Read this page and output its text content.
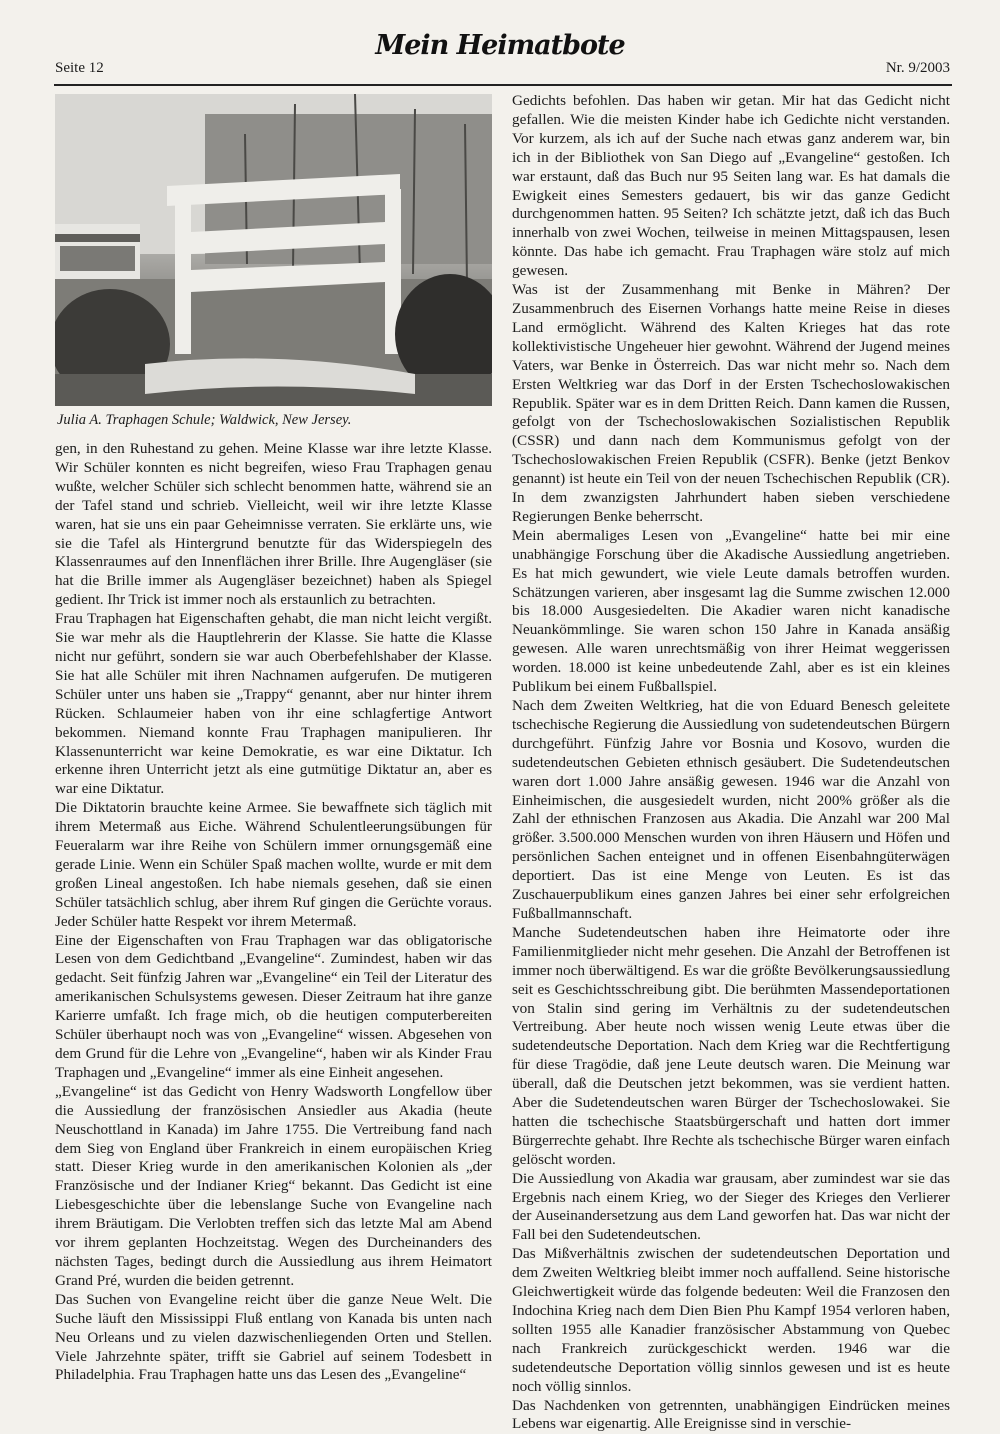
Seite 12
Mein Heimatbote
Nr. 9/2003
Julia A. Traphagen Schule; Waldwick, New Jersey.

gen, in den Ruhestand zu gehen. Meine Klasse war ihre letzte Klasse. Wir Schüler konnten es nicht begreifen, wieso Frau Traphagen genau wußte, welcher Schüler sich schlecht benommen hatte, während sie an der Tafel stand und schrieb. Vielleicht, weil wir ihre letzte Klasse waren, hat sie uns ein paar Geheimnisse verraten. Sie erklärte uns, wie sie die Tafel als Hintergrund benutzte für das Widerspiegeln des Klassenraumes auf den Innenflächen ihrer Brille. Ihre Augengläser (sie hat die Brille immer als Augengläser bezeichnet) haben als Spiegel gedient. Ihr Trick ist immer noch als erstaunlich zu betrachten.

Frau Traphagen hat Eigenschaften gehabt, die man nicht leicht vergißt. Sie war mehr als die Hauptlehrerin der Klasse. Sie hatte die Klasse nicht nur geführt, sondern sie war auch Oberbefehlshaber der Klasse. Sie hat alle Schüler mit ihren Nachnamen aufgerufen. De mutigeren Schüler unter uns haben sie „Trappy“ genannt, aber nur hinter ihrem Rücken. Schlaumeier haben von ihr eine schlagfertige Antwort bekommen. Niemand konnte Frau Traphagen manipulieren. Ihr Klassenunterricht war keine Demokratie, es war eine Diktatur. Ich erkenne ihren Unterricht jetzt als eine gutmütige Diktatur an, aber es war eine Diktatur.

Die Diktatorin brauchte keine Armee. Sie bewaffnete sich täglich mit ihrem Metermaß aus Eiche. Während Schulentleerungsübungen für Feueralarm war ihre Reihe von Schülern immer ornungsgemäß eine gerade Linie. Wenn ein Schüler Spaß machen wollte, wurde er mit dem großen Lineal angestoßen. Ich habe niemals gesehen, daß sie einen Schüler tatsächlich schlug, aber ihrem Ruf gingen die Gerüchte voraus. Jeder Schüler hatte Respekt vor ihrem Metermaß.

Eine der Eigenschaften von Frau Traphagen war das obligatorische Lesen von dem Gedichtband „Evangeline“. Zumindest, haben wir das gedacht. Seit fünfzig Jahren war „Evangeline“ ein Teil der Literatur des amerikanischen Schulsystems gewesen. Dieser Zeitraum hat ihre ganze Karierre umfaßt. Ich frage mich, ob die heutigen computerbereiten Schüler überhaupt noch was von „Evangeline“ wissen. Abgesehen von dem Grund für die Lehre von „Evangeline“, haben wir als Kinder Frau Traphagen und „Evangeline“ immer als eine Einheit angesehen.

„Evangeline“ ist das Gedicht von Henry Wadsworth Longfellow über die Aussiedlung der französischen Ansiedler aus Akadia (heute Neuschottland in Kanada) im Jahre 1755. Die Vertreibung fand nach dem Sieg von England über Frankreich in einem europäischen Krieg statt. Dieser Krieg wurde in den amerikanischen Kolonien als „der Französische und der Indianer Krieg“ bekannt. Das Gedicht ist eine Liebesgeschichte über die lebenslange Suche von Evangeline nach ihrem Bräutigam. Die Verlobten treffen sich das letzte Mal am Abend vor ihrem geplanten Hochzeitstag. Wegen des Durcheinanders des nächsten Tages, bedingt durch die Aussiedlung aus ihrem Heimatort Grand Pré, wurden die beiden getrennt.

Das Suchen von Evangeline reicht über die ganze Neue Welt. Die Suche läuft den Mississippi Fluß entlang von Kanada bis unten nach Neu Orleans und zu vielen dazwischenliegenden Orten und Stellen. Viele Jahrzehnte später, trifft sie Gabriel auf seinem Todesbett in Philadelphia. Frau Traphagen hatte uns das Lesen des „Evangeline“

Gedichts befohlen. Das haben wir getan. Mir hat das Gedicht nicht gefallen. Wie die meisten Kinder habe ich Gedichte nicht verstanden. Vor kurzem, als ich auf der Suche nach etwas ganz anderem war, bin ich in der Bibliothek von San Diego auf „Evangeline“ gestoßen. Ich war erstaunt, daß das Buch nur 95 Seiten lang war. Es hat damals die Ewigkeit eines Semesters gedauert, bis wir das ganze Gedicht durchgenommen hatten. 95 Seiten? Ich schätzte jetzt, daß ich das Buch innerhalb von zwei Wochen, teilweise in meinen Mittagspausen, lesen könnte. Das habe ich gemacht. Frau Traphagen wäre stolz auf mich gewesen.

Was ist der Zusammenhang mit Benke in Mähren? Der Zusammenbruch des Eisernen Vorhangs hatte meine Reise in dieses Land ermöglicht. Während des Kalten Krieges hat das rote kollektivistische Ungeheuer hier gewohnt. Während der Jugend meines Vaters, war Benke in Österreich. Das war nicht mehr so. Nach dem Ersten Weltkrieg war das Dorf in der Ersten Tschechoslowakischen Republik. Später war es in dem Dritten Reich. Dann kamen die Russen, gefolgt von der Tschechoslowakischen Sozialistischen Republik (CSSR) und dann nach dem Kommunismus gefolgt von der Tschechoslowakischen Freien Republik (CSFR). Benke (jetzt Benkov genannt) ist heute ein Teil von der neuen Tschechischen Republik (CR). In dem zwanzigsten Jahrhundert haben sieben verschiedene Regierungen Benke beherrscht.

Mein abermaliges Lesen von „Evangeline“ hatte bei mir eine unabhängige Forschung über die Akadische Aussiedlung angetrieben. Es hat mich gewundert, wie viele Leute damals betroffen wurden. Schätzungen varieren, aber insgesamt lag die Summe zwischen 12.000 bis 18.000 Ausgesiedelten. Die Akadier waren nicht kanadische Neuankömmlinge. Sie waren schon 150 Jahre in Kanada ansäßig gewesen. Alle waren unrechtsmäßig von ihrer Heimat weggerissen worden. 18.000 ist keine unbedeutende Zahl, aber es ist ein kleines Publikum bei einem Fußballspiel.

Nach dem Zweiten Weltkrieg, hat die von Eduard Benesch geleitete tschechische Regierung die Aussiedlung von sudetendeutschen Bürgern durchgeführt. Fünfzig Jahre vor Bosnia und Kosovo, wurden die sudetendeutschen Gebieten ethnisch gesäubert. Die Sudetendeutschen waren dort 1.000 Jahre ansäßig gewesen. 1946 war die Anzahl von Einheimischen, die ausgesiedelt wurden, nicht 200% größer als die Zahl der ethnischen Franzosen aus Akadia. Die Anzahl war 200 Mal größer. 3.500.000 Menschen wurden von ihren Häusern und Höfen und persönlichen Sachen enteignet und in offenen Eisenbahngüterwägen deportiert. Das ist eine Menge von Leuten. Es ist das Zuschauerpublikum eines ganzen Jahres bei einer sehr erfolgreichen Fußballmannschaft.

Manche Sudetendeutschen haben ihre Heimatorte oder ihre Familienmitglieder nicht mehr gesehen. Die Anzahl der Betroffenen ist immer noch überwältigend. Es war die größte Bevölkerungsaussiedlung seit es Geschichtsschreibung gibt. Die berühmten Massendeportationen von Stalin sind gering im Verhältnis zu der sudetendeutschen Vertreibung. Aber heute noch wissen wenig Leute etwas über die sudetendeutsche Deportation. Nach dem Krieg war die Rechtfertigung für diese Tragödie, daß jene Leute deutsch waren. Die Meinung war überall, daß die Deutschen jetzt bekommen, was sie verdient hatten. Aber die Sudetendeutschen waren Bürger der Tschechoslowakei. Sie hatten die tschechische Staatsbürgerschaft und hatten dort immer Bürgerrechte gehabt. Ihre Rechte als tschechische Bürger waren einfach gelöscht worden.

Die Aussiedlung von Akadia war grausam, aber zumindest war sie das Ergebnis nach einem Krieg, wo der Sieger des Krieges den Verlierer der Auseinandersetzung aus dem Land geworfen hat. Das war nicht der Fall bei den Sudetendeutschen.

Das Mißverhältnis zwischen der sudetendeutschen Deportation und dem Zweiten Weltkrieg bleibt immer noch auffallend. Seine historische Gleichwertigkeit würde das folgende bedeuten: Weil die Franzosen den Indochina Krieg nach dem Dien Bien Phu Kampf 1954 verloren haben, sollten 1955 alle Kanadier französischer Abstammung von Quebec nach Frankreich zurückgeschickt werden. 1946 war die sudetendeutsche Deportation völlig sinnlos gewesen und ist es heute noch völlig sinnlos.

Das Nachdenken von getrennten, unabhängigen Eindrücken meines Lebens war eigenartig. Alle Ereignisse sind in verschie-
